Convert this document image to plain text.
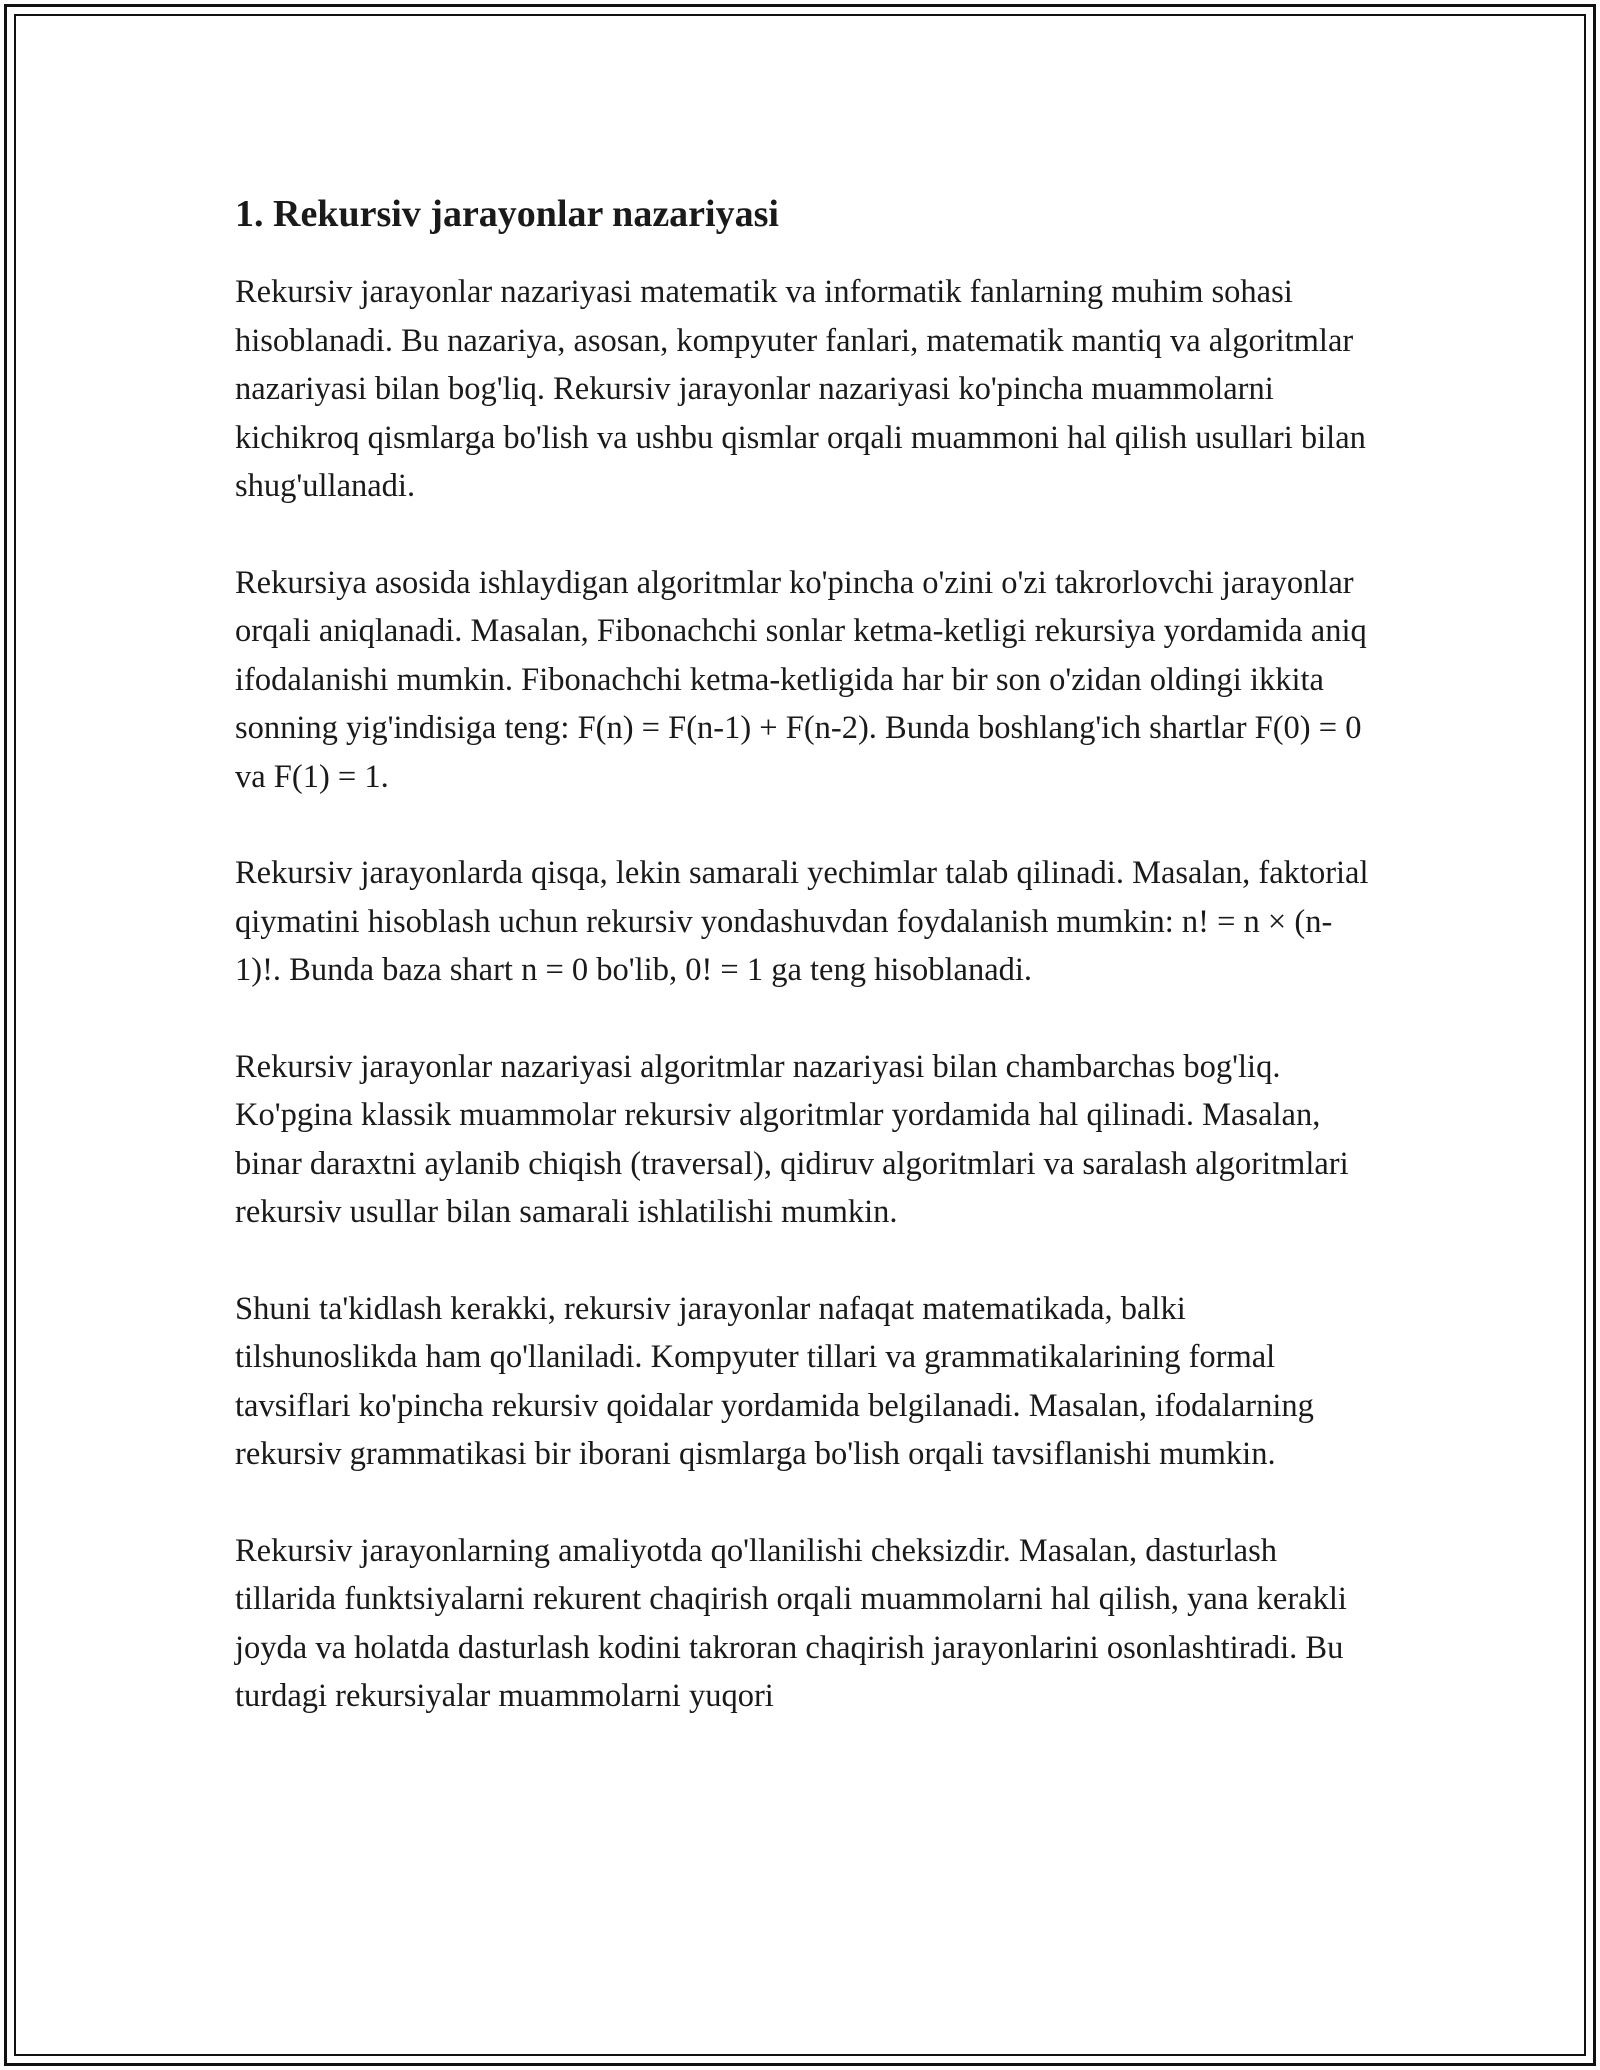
1. Rekursiv jarayonlar nazariyasi

Rekursiv jarayonlar nazariyasi matematik va informatik fanlarning muhim sohasi hisoblanadi. Bu nazariya, asosan, kompyuter fanlari, matematik mantiq va algoritmlar nazariyasi bilan bog'liq. Rekursiv jarayonlar nazariyasi ko'pincha muammolarni kichikroq qismlarga bo'lish va ushbu qismlar orqali muammoni hal qilish usullari bilan shug'ullanadi.

Rekursiya asosida ishlaydigan algoritmlar ko'pincha o'zini o'zi takrorlovchi jarayonlar orqali aniqlanadi. Masalan, Fibonachchi sonlar ketma-ketligi rekursiya yordamida aniq ifodalanishi mumkin. Fibonachchi ketma-ketligida har bir son o'zidan oldingi ikkita sonning yig'indisiga teng: F(n) = F(n-1) + F(n-2). Bunda boshlang'ich shartlar F(0) = 0 va F(1) = 1.

Rekursiv jarayonlarda qisqa, lekin samarali yechimlar talab qilinadi. Masalan, faktorial qiymatini hisoblash uchun rekursiv yondashuvdan foydalanish mumkin: n! = n × (n-1)!. Bunda baza shart n = 0 bo'lib, 0! = 1 ga teng hisoblanadi.

Rekursiv jarayonlar nazariyasi algoritmlar nazariyasi bilan chambarchas bog'liq. Ko'pgina klassik muammolar rekursiv algoritmlar yordamida hal qilinadi. Masalan, binar daraxtni aylanib chiqish (traversal), qidiruv algoritmlari va saralash algoritmlari rekursiv usullar bilan samarali ishlatilishi mumkin.

Shuni ta'kidlash kerakki, rekursiv jarayonlar nafaqat matematikada, balki tilshunoslikda ham qo'llaniladi. Kompyuter tillari va grammatikalarining formal tavsiflari ko'pincha rekursiv qoidalar yordamida belgilanadi. Masalan, ifodalarning rekursiv grammatikasi bir iborani qismlarga bo'lish orqali tavsiflanishi mumkin.

Rekursiv jarayonlarning amaliyotda qo'llanilishi cheksizdir. Masalan, dasturlash tillarida funktsiyalarni rekurent chaqirish orqali muammolarni hal qilish, yana kerakli joyda va holatda dasturlash kodini takroran chaqirish jarayonlarini osonlashtiradi. Bu turdagi rekursiyalar muammolarni yuqori
